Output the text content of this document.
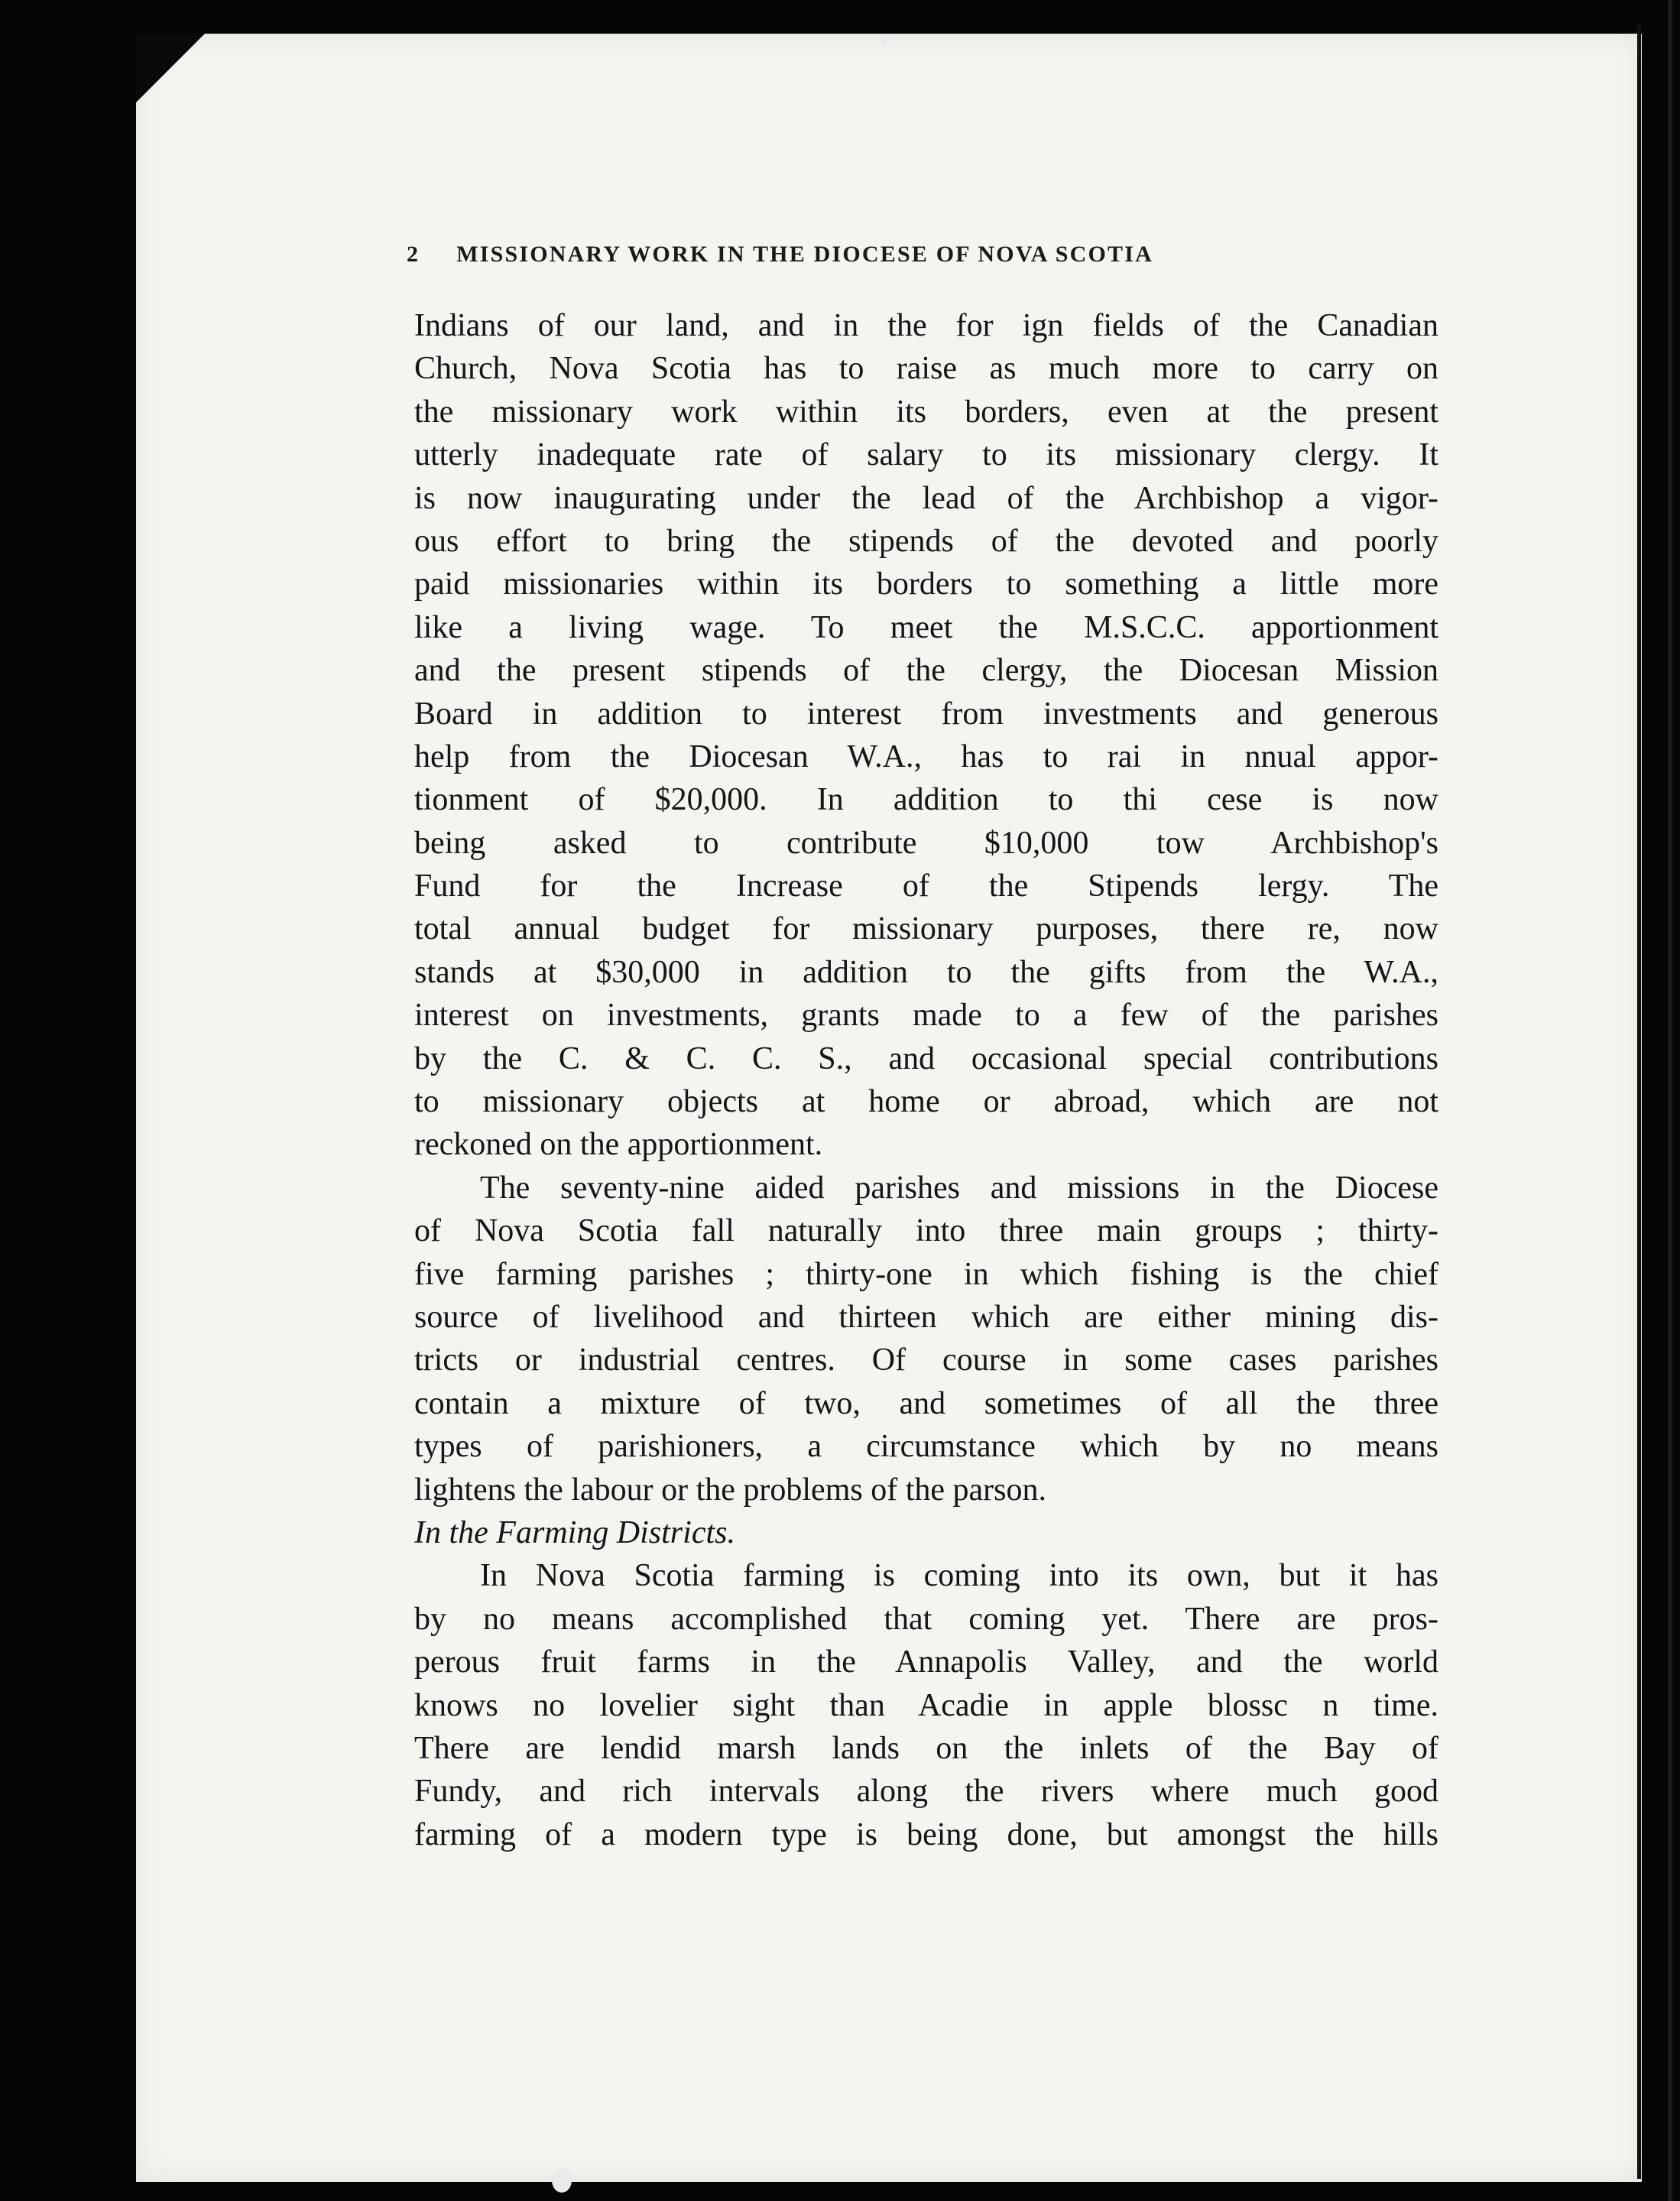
2 MISSIONARY WORK IN THE DIOCESE OF NOVA SCOTIA
Indians of our land, and in the for ign fields of the Canadian
Church, Nova Scotia has to raise as much more to carry on
the missionary work within its borders, even at the present
utterly inadequate rate of salary to its missionary clergy. It
is now inaugurating under the lead of the Archbishop a vigor-
ous effort to bring the stipends of the devoted and poorly
paid missionaries within its borders to something a little more
like a living wage. To meet the M.S.C.C. apportionment
and the present stipends of the clergy, the Diocesan Mission
Board in addition to interest from investments and generous
help from the Diocesan W.A., has to rai in nnual appor-
tionment of $20,000. In addition to thi cese is now
being asked to contribute $10,000 tow Archbishop's
Fund for the Increase of the Stipends lergy. The
total annual budget for missionary purposes, there re, now
stands at $30,000 in addition to the gifts from the W.A.,
interest on investments, grants made to a few of the parishes
by the C. & C. C. S., and occasional special contributions
to missionary objects at home or abroad, which are not
reckoned on the apportionment.
The seventy-nine aided parishes and missions in the Diocese
of Nova Scotia fall naturally into three main groups ; thirty-
five farming parishes ; thirty-one in which fishing is the chief
source of livelihood and thirteen which are either mining dis-
tricts or industrial centres. Of course in some cases parishes
contain a mixture of two, and sometimes of all the three
types of parishioners, a circumstance which by no means
lightens the labour or the problems of the parson.
In the Farming Districts.
In Nova Scotia farming is coming into its own, but it has
by no means accomplished that coming yet. There are pros-
perous fruit farms in the Annapolis Valley, and the world
knows no lovelier sight than Acadie in apple blossc n time.
There are lendid marsh lands on the inlets of the Bay of
Fundy, and rich intervals along the rivers where much good
farming of a modern type is being done, but amongst the hills
